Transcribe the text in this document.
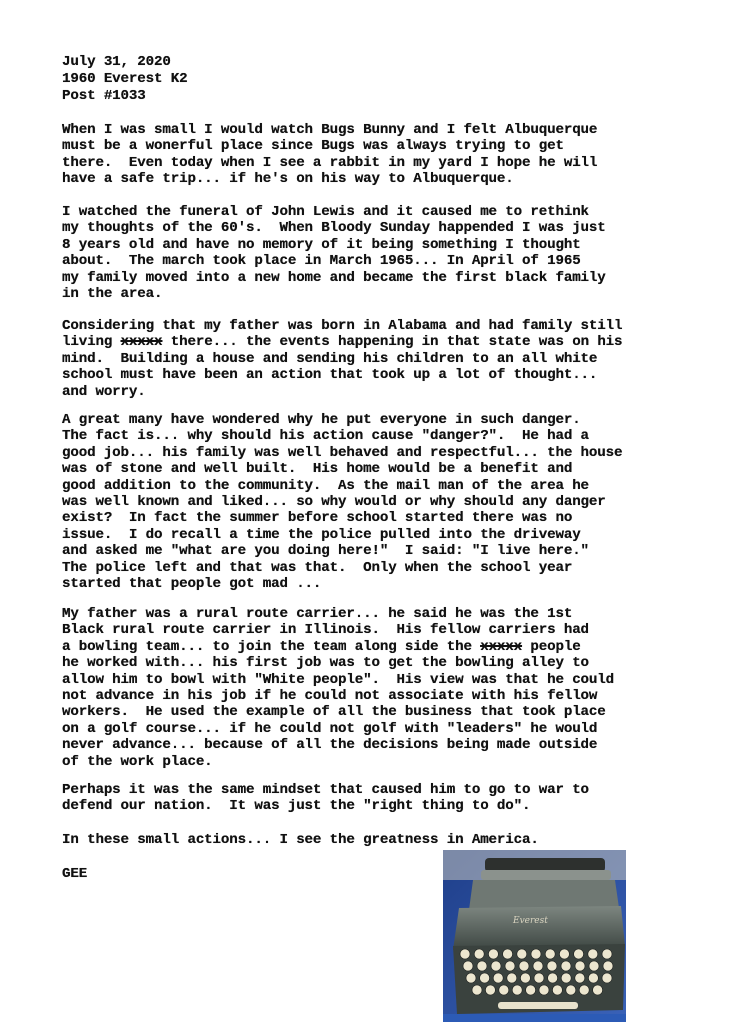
July 31, 2020
1960 Everest K2
Post #1033
When I was small I would watch Bugs Bunny and I felt Albuquerque
must be a wonerful place since Bugs was always trying to get
there.  Even today when I see a rabbit in my yard I hope he will
have a safe trip... if he's on his way to Albuquerque.
I watched the funeral of John Lewis and it caused me to rethink
my thoughts of the 60's.  When Bloody Sunday happended I was just
8 years old and have no memory of it being something I thought
about.  The march took place in March 1965... In April of 1965
my family moved into a new home and became the first black family
in the area.
Considering that my father was born in Alabama and had family still
living xxxxx there... the events happening in that state was on his
mind.  Building a house and sending his children to an all white
school must have been an action that took up a lot of thought...
and worry.
A great many have wondered why he put everyone in such danger.
The fact is... why should his action cause "danger?".  He had a
good job... his family was well behaved and respectful... the house
was of stone and well built.  His home would be a benefit and
good addition to the community.  As the mail man of the area he
was well known and liked... so why would or why should any danger
exist?  In fact the summer before school started there was no
issue.  I do recall a time the police pulled into the driveway
and asked me "what are you doing here!"  I said: "I live here."
The police left and that was that.  Only when the school year
started that people got mad ...
My father was a rural route carrier... he said he was the 1st
Black rural route carrier in Illinois.  His fellow carriers had
a bowling team... to join the team along side the xxxxx people
he worked with... his first job was to get the bowling alley to
allow him to bowl with "White people".  His view was that he could
not advance in his job if he could not associate with his fellow
workers.  He used the example of all the business that took place
on a golf course... if he could not golf with "leaders" he would
never advance... because of all the decisions being made outside
of the work place.
Perhaps it was the same mindset that caused him to go to war to
defend our nation.  It was just the "right thing to do".
In these small actions... I see the greatness in America.
GEE
Everest
